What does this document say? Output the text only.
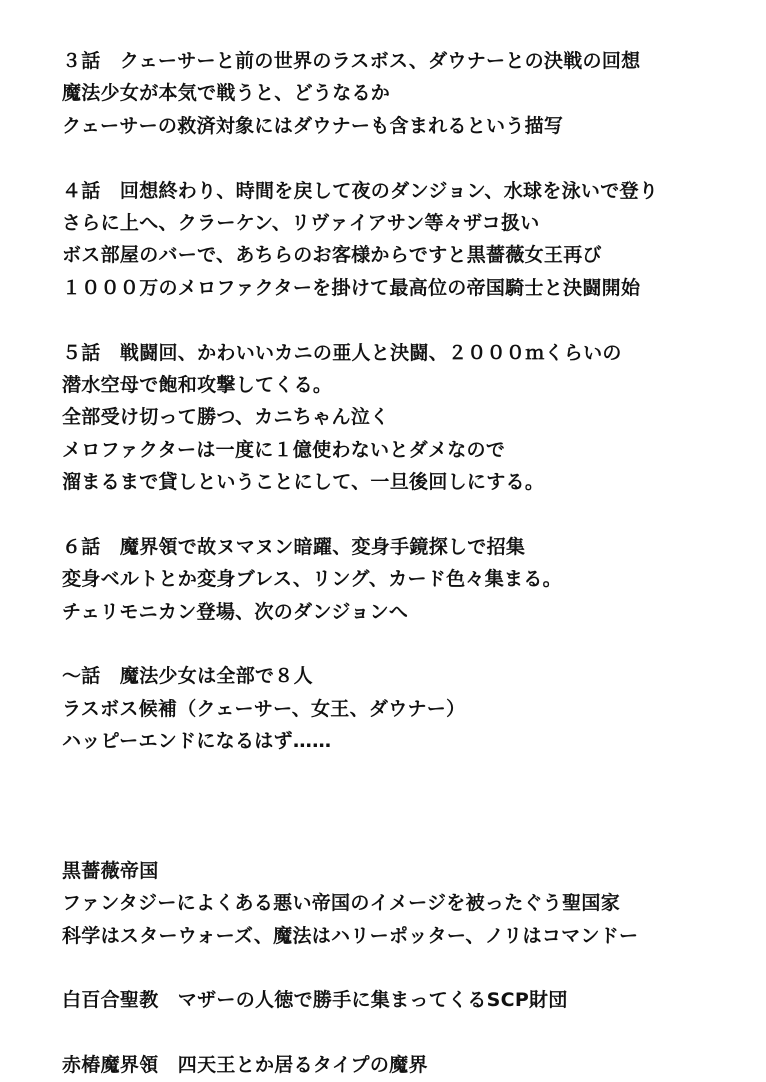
３話　クェーサーと前の世界のラスボス、ダウナーとの決戦の回想
魔法少女が本気で戦うと、どうなるか
クェーサーの救済対象にはダウナーも含まれるという描写
４話　回想終わり、時間を戻して夜のダンジョン、水球を泳いで登り
さらに上へ、クラーケン、リヴァイアサン等々ザコ扱い
ボス部屋のバーで、あちらのお客様からですと黒薔薇女王再び
１０００万のメロファクターを掛けて最高位の帝国騎士と決闘開始
５話　戦闘回、かわいいカニの亜人と決闘、２０００ｍくらいの
潜水空母で飽和攻撃してくる。
全部受け切って勝つ、カニちゃん泣く
メロファクターは一度に１億使わないとダメなので
溜まるまで貸しということにして、一旦後回しにする。
６話　魔界領で故ヌマヌン暗躍、変身手鏡探しで招集
変身ベルトとか変身ブレス、リング、カード色々集まる。
チェリモニカン登場、次のダンジョンへ
～話　魔法少女は全部で８人
ラスボス候補（クェーサー、女王、ダウナー）
ハッピーエンドになるはず……
黒薔薇帝国
ファンタジーによくある悪い帝国のイメージを被ったぐう聖国家
科学はスターウォーズ、魔法はハリーポッター、ノリはコマンドー
白百合聖教　マザーの人徳で勝手に集まってくるSCP財団
赤椿魔界領　四天王とか居るタイプの魔界
